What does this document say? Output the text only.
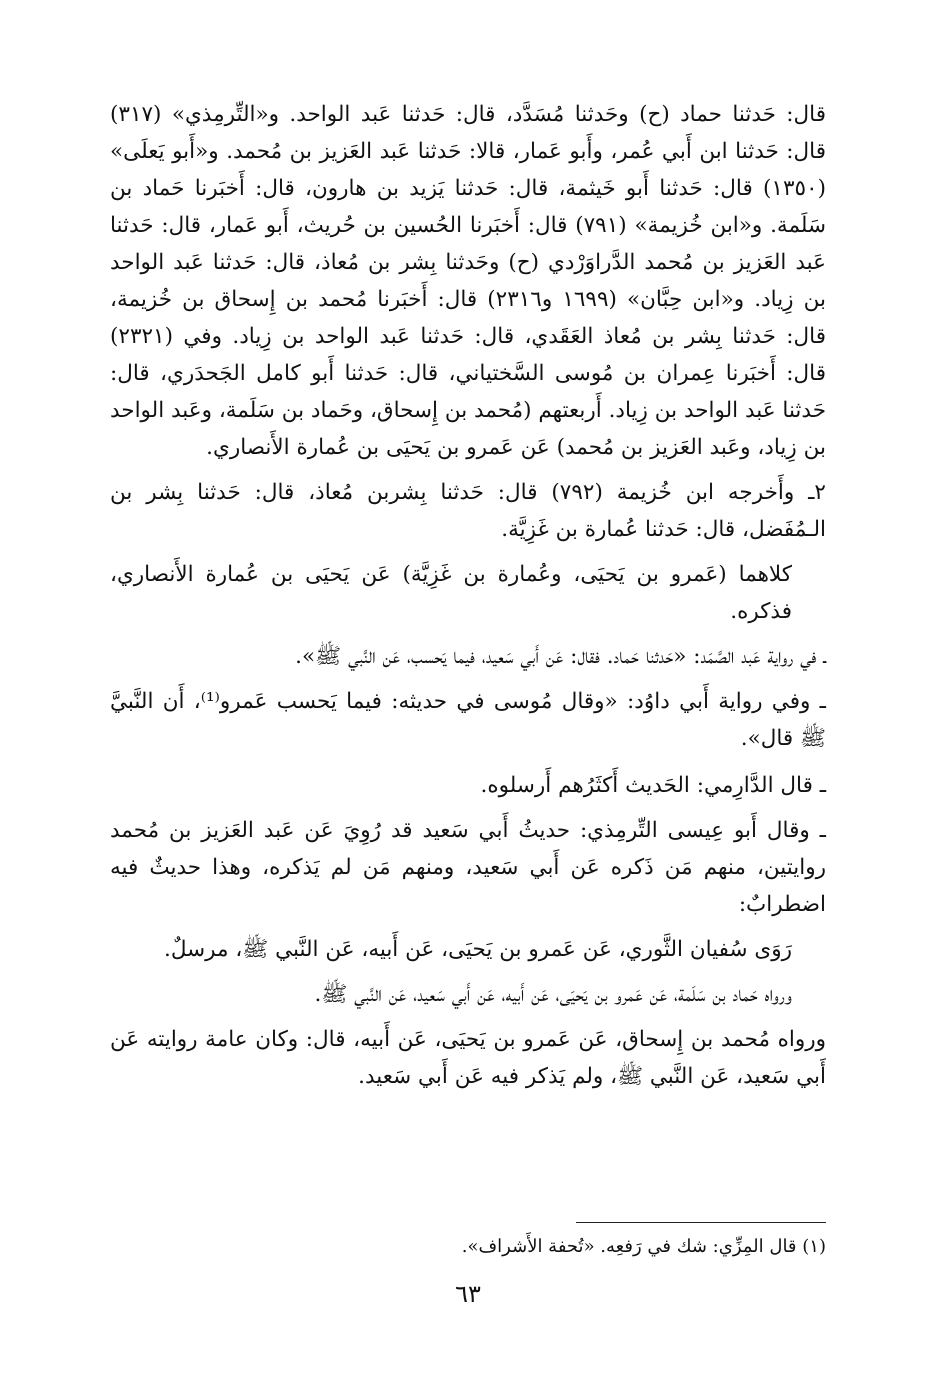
قال: حَدثنا حماد (ح) وحَدثنا مُسَدَّد، قال: حَدثنا عَبد الواحد. و«التِّرمِذي» (٣١٧) قال: حَدثنا ابن أَبي عُمر، وأَبو عَمار، قالا: حَدثنا عَبد العَزيز بن مُحمد. و«أَبو يَعلَى» (١٣٥٠) قال: حَدثنا أَبو خَيثمة، قال: حَدثنا يَزيد بن هارون، قال: أَخبَرنا حَماد بن سَلَمة. و«ابن خُزيمة» (٧٩١) قال: أَخبَرنا الحُسين بن حُريث، أَبو عَمار، قال: حَدثنا عَبد العَزيز بن مُحمد الدَّراوَرْدي (ح) وحَدثنا بِشر بن مُعاذ، قال: حَدثنا عَبد الواحد بن زِياد. و«ابن حِبَّان» (١٦٩٩ و٢٣١٦) قال: أَخبَرنا مُحمد بن إِسحاق بن خُزيمة، قال: حَدثنا بِشر بن مُعاذ العَقَدي، قال: حَدثنا عَبد الواحد بن زِياد. وفي (٢٣٢١) قال: أَخبَرنا عِمران بن مُوسى السَّختياني، قال: حَدثنا أَبو كامل الجَحدَري، قال: حَدثنا عَبد الواحد بن زِياد. أَربعتهم (مُحمد بن إِسحاق، وحَماد بن سَلَمة، وعَبد الواحد بن زِياد، وعَبد العَزيز بن مُحمد) عَن عَمرو بن يَحيَى بن عُمارة الأَنصاري.

٢ـ وأَخرجه ابن خُزيمة (٧٩٢) قال: حَدثنا بِشربن مُعاذ، قال: حَدثنا بِشر بن الـمُفَضل، قال: حَدثنا عُمارة بن غَزِيَّة.

كلاهما (عَمرو بن يَحيَى، وعُمارة بن غَزِيَّة) عَن يَحيَى بن عُمارة الأَنصاري، فذكره.

ـ في رواية عَبد الصَّمَد: «حَدثنا حَماد. فقال: عَن أَبي سَعيد، فيما يَحسب، عَن النَّبي ﷺ».

ـ وفي رواية أَبي داوُد: «وقال مُوسى في حديثه: فيما يَحسب عَمرو⁽¹⁾، أَن النَّبيَّ ﷺ قال».

ـ قال الدَّارِمي: الحَديث أَكثَرُهم أَرسلوه.

ـ وقال أَبو عِيسى التِّرمِذي: حديثُ أَبي سَعيد قد رُوِيَ عَن عَبد العَزيز بن مُحمد روايتين، منهم مَن ذَكره عَن أَبي سَعيد، ومنهم مَن لم يَذكره، وهذا حديثٌ فيه اضطرابٌ:

رَوَى سُفيان الثَّوري، عَن عَمرو بن يَحيَى، عَن أَبيه، عَن النَّبي ﷺ، مرسلٌ.

ورواه حَماد بن سَلَمة، عَن عَمرو بن يَحيَى، عَن أَبيه، عَن أَبي سَعيد، عَن النَّبي ﷺ.

ورواه مُحمد بن إِسحاق، عَن عَمرو بن يَحيَى، عَن أَبيه، قال: وكان عامة روايته عَن أَبي سَعيد، عَن النَّبي ﷺ، ولم يَذكر فيه عَن أَبي سَعيد.

(١) قال المِزِّي: شك في رَفعِه. «تُحفة الأَشراف».

٦٣
